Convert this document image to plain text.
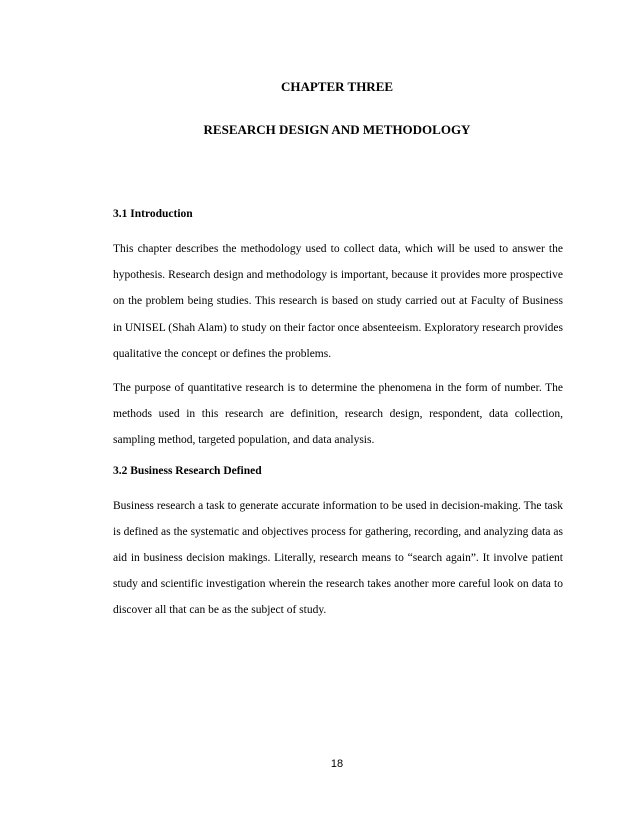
CHAPTER THREE
RESEARCH DESIGN AND METHODOLOGY
3.1 Introduction

This chapter describes the methodology used to collect data, which will be used to answer the hypothesis. Research design and methodology is important, because it provides more prospective on the problem being studies. This research is based on study carried out at Faculty of Business in UNISEL (Shah Alam) to study on their factor once absenteeism. Exploratory research provides qualitative the concept or defines the problems.

The purpose of quantitative research is to determine the phenomena in the form of number. The methods used in this research are definition, research design, respondent, data collection, sampling method, targeted population, and data analysis.

3.2 Business Research Defined

Business research a task to generate accurate information to be used in decision-making. The task is defined as the systematic and objectives process for gathering, recording, and analyzing data as aid in business decision makings. Literally, research means to “search again”. It involve patient study and scientific investigation wherein the research takes another more careful look on data to discover all that can be as the subject of study.

18
